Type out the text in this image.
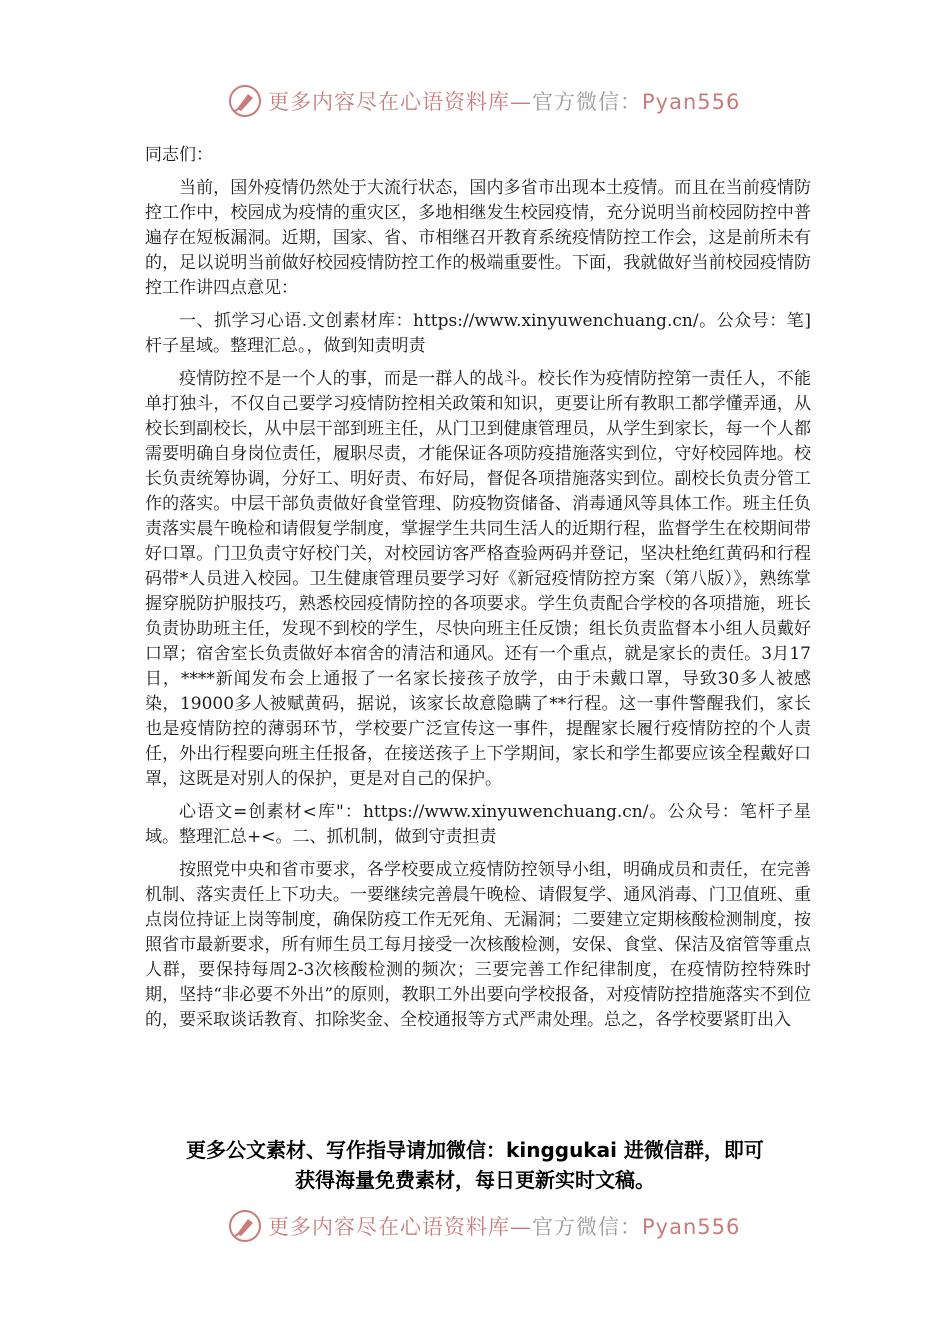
更多内容尽在心语资料库—官方微信：Pyan556

同志们：

当前，国外疫情仍然处于大流行状态，国内多省市出现本土疫情。而且在当前疫情防控工作中，校园成为疫情的重灾区，多地相继发生校园疫情，充分说明当前校园防控中普遍存在短板漏洞。近期，国家、省、市相继召开教育系统疫情防控工作会，这是前所未有的，足以说明当前做好校园疫情防控工作的极端重要性。下面，我就做好当前校园疫情防控工作讲四点意见：

一、抓学习心语.文创素材库：https://www.xinyuwenchuang.cn/。公众号：笔]杆子星域。整理汇总。，做到知责明责

疫情防控不是一个人的事，而是一群人的战斗。校长作为疫情防控第一责任人，不能单打独斗，不仅自己要学习疫情防控相关政策和知识，更要让所有教职工都学懂弄通，从校长到副校长，从中层干部到班主任，从门卫到健康管理员，从学生到家长，每一个人都需要明确自身岗位责任，履职尽责，才能保证各项防疫措施落实到位，守好校园阵地。校长负责统筹协调，分好工、明好责、布好局，督促各项措施落实到位。副校长负责分管工作的落实。中层干部负责做好食堂管理、防疫物资储备、消毒通风等具体工作。班主任负责落实晨午晚检和请假复学制度，掌握学生共同生活人的近期行程，监督学生在校期间带好口罩。门卫负责守好校门关，对校园访客严格查验两码并登记，坚决杜绝红黄码和行程码带*人员进入校园。卫生健康管理员要学习好《新冠疫情防控方案（第八版）》，熟练掌握穿脱防护服技巧，熟悉校园疫情防控的各项要求。学生负责配合学校的各项措施，班长负责协助班主任，发现不到校的学生，尽快向班主任反馈；组长负责监督本小组人员戴好口罩；宿舍室长负责做好本宿舍的清洁和通风。还有一个重点，就是家长的责任。3月17日，****新闻发布会上通报了一名家长接孩子放学，由于未戴口罩，导致30多人被感染，19000多人被赋黄码，据说，该家长故意隐瞒了**行程。这一事件警醒我们，家长也是疫情防控的薄弱环节，学校要广泛宣传这一事件，提醒家长履行疫情防控的个人责任，外出行程要向班主任报备，在接送孩子上下学期间，家长和学生都要应该全程戴好口罩，这既是对别人的保护，更是对自己的保护。

心语文=创素材<库"：https://www.xinyuwenchuang.cn/。公众号：笔杆子星域。整理汇总+<。二、抓机制，做到守责担责

按照党中央和省市要求，各学校要成立疫情防控领导小组，明确成员和责任，在完善机制、落实责任上下功夫。一要继续完善晨午晚检、请假复学、通风消毒、门卫值班、重点岗位持证上岗等制度，确保防疫工作无死角、无漏洞；二要建立定期核酸检测制度，按照省市最新要求，所有师生员工每月接受一次核酸检测，安保、食堂、保洁及宿管等重点人群，要保持每周2-3次核酸检测的频次；三要完善工作纪律制度，在疫情防控特殊时期，坚持“非必要不外出”的原则，教职工外出要向学校报备，对疫情防控措施落实不到位的，要采取谈话教育、扣除奖金、全校通报等方式严肃处理。总之，各学校要紧盯出入

更多公文素材、写作指导请加微信：kinggukai 进微信群，即可
获得海量免费素材，每日更新实时文稿。
更多内容尽在心语资料库—官方微信：Pyan556
